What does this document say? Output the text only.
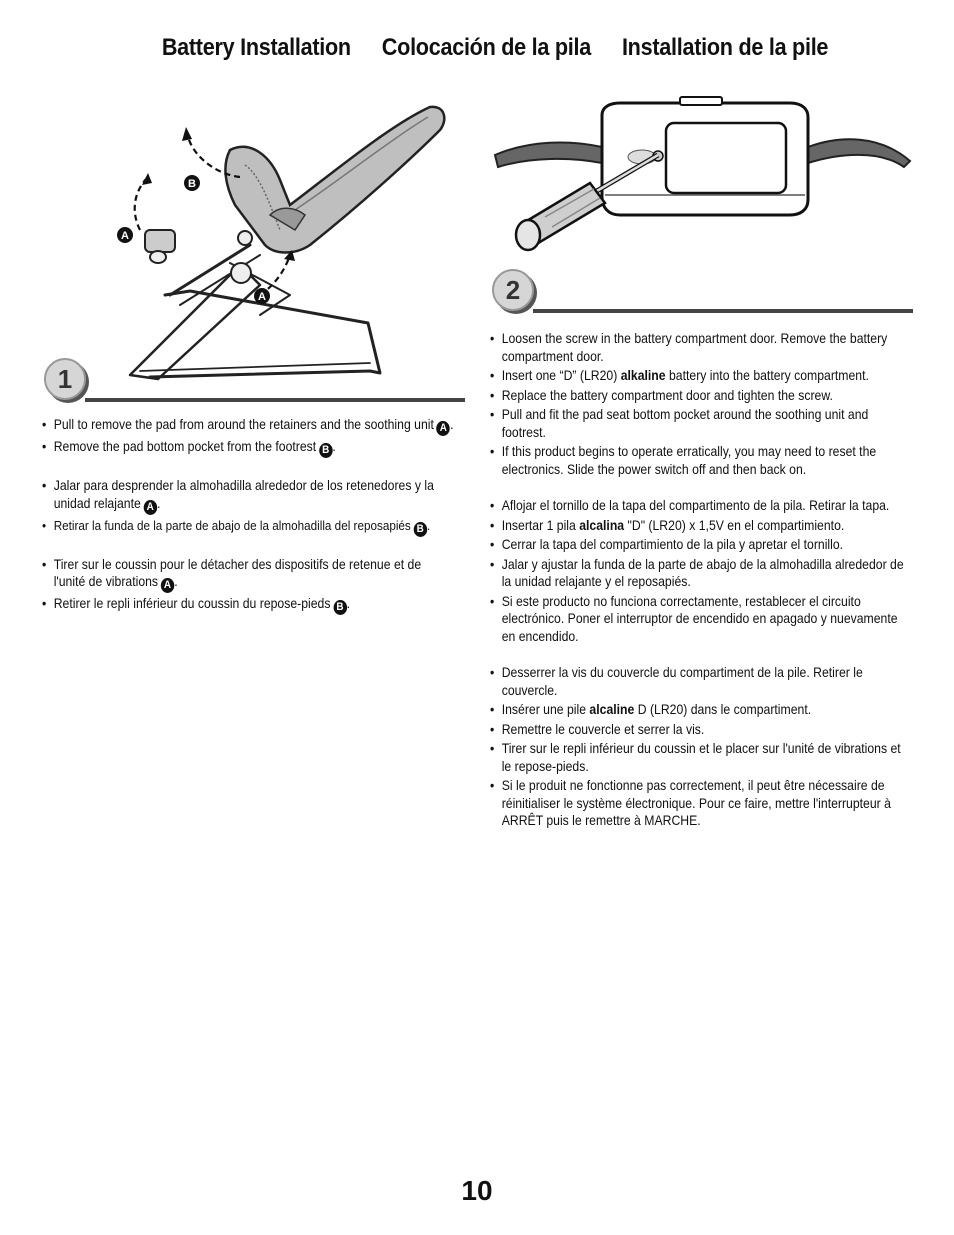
Battery Installation Colocación de la pila Installation de la pile
A
B
A
1
2
• Pull to remove the pad from around the retainers and the soothing unit A .
• Remove the pad bottom pocket from the footrest B .
• Jalar para desprender la almohadilla alrededor de los retenedores y la unidad relajante A .
• Retirar la funda de la parte de abajo de la almohadilla del reposapiés B .
• Tirer sur le coussin pour le détacher des dispositifs de retenue et de l'unité de vibrations A .
• Retirer le repli inférieur du coussin du repose-pieds B .
• Loosen the screw in the battery compartment door. Remove the battery compartment door.
• Insert one “D” (LR20) alkaline battery into the battery compartment.
• Replace the battery compartment door and tighten the screw.
• Pull and fit the pad seat bottom pocket around the soothing unit and footrest.
• If this product begins to operate erratically, you may need to reset the electronics. Slide the power switch off and then back on.
• Aflojar el tornillo de la tapa del compartimento de la pila. Retirar la tapa.
• Insertar 1 pila alcalina "D" (LR20) x 1,5V en el compartimiento.
• Cerrar la tapa del compartimiento de la pila y apretar el tornillo.
• Jalar y ajustar la funda de la parte de abajo de la almohadilla alrededor de la unidad relajante y el reposapiés.
• Si este producto no funciona correctamente, restablecer el circuito electrónico. Poner el interruptor de encendido en apagado y nuevamente en encendido.
• Desserrer la vis du couvercle du compartiment de la pile. Retirer le couvercle.
• Insérer une pile alcaline D (LR20) dans le compartiment.
• Remettre le couvercle et serrer la vis.
• Tirer sur le repli inférieur du coussin et le placer sur l'unité de vibrations et le repose-pieds.
• Si le produit ne fonctionne pas correctement, il peut être nécessaire de réinitialiser le système électronique. Pour ce faire, mettre l'interrupteur à ARRÊT puis le remettre à MARCHE.
10
